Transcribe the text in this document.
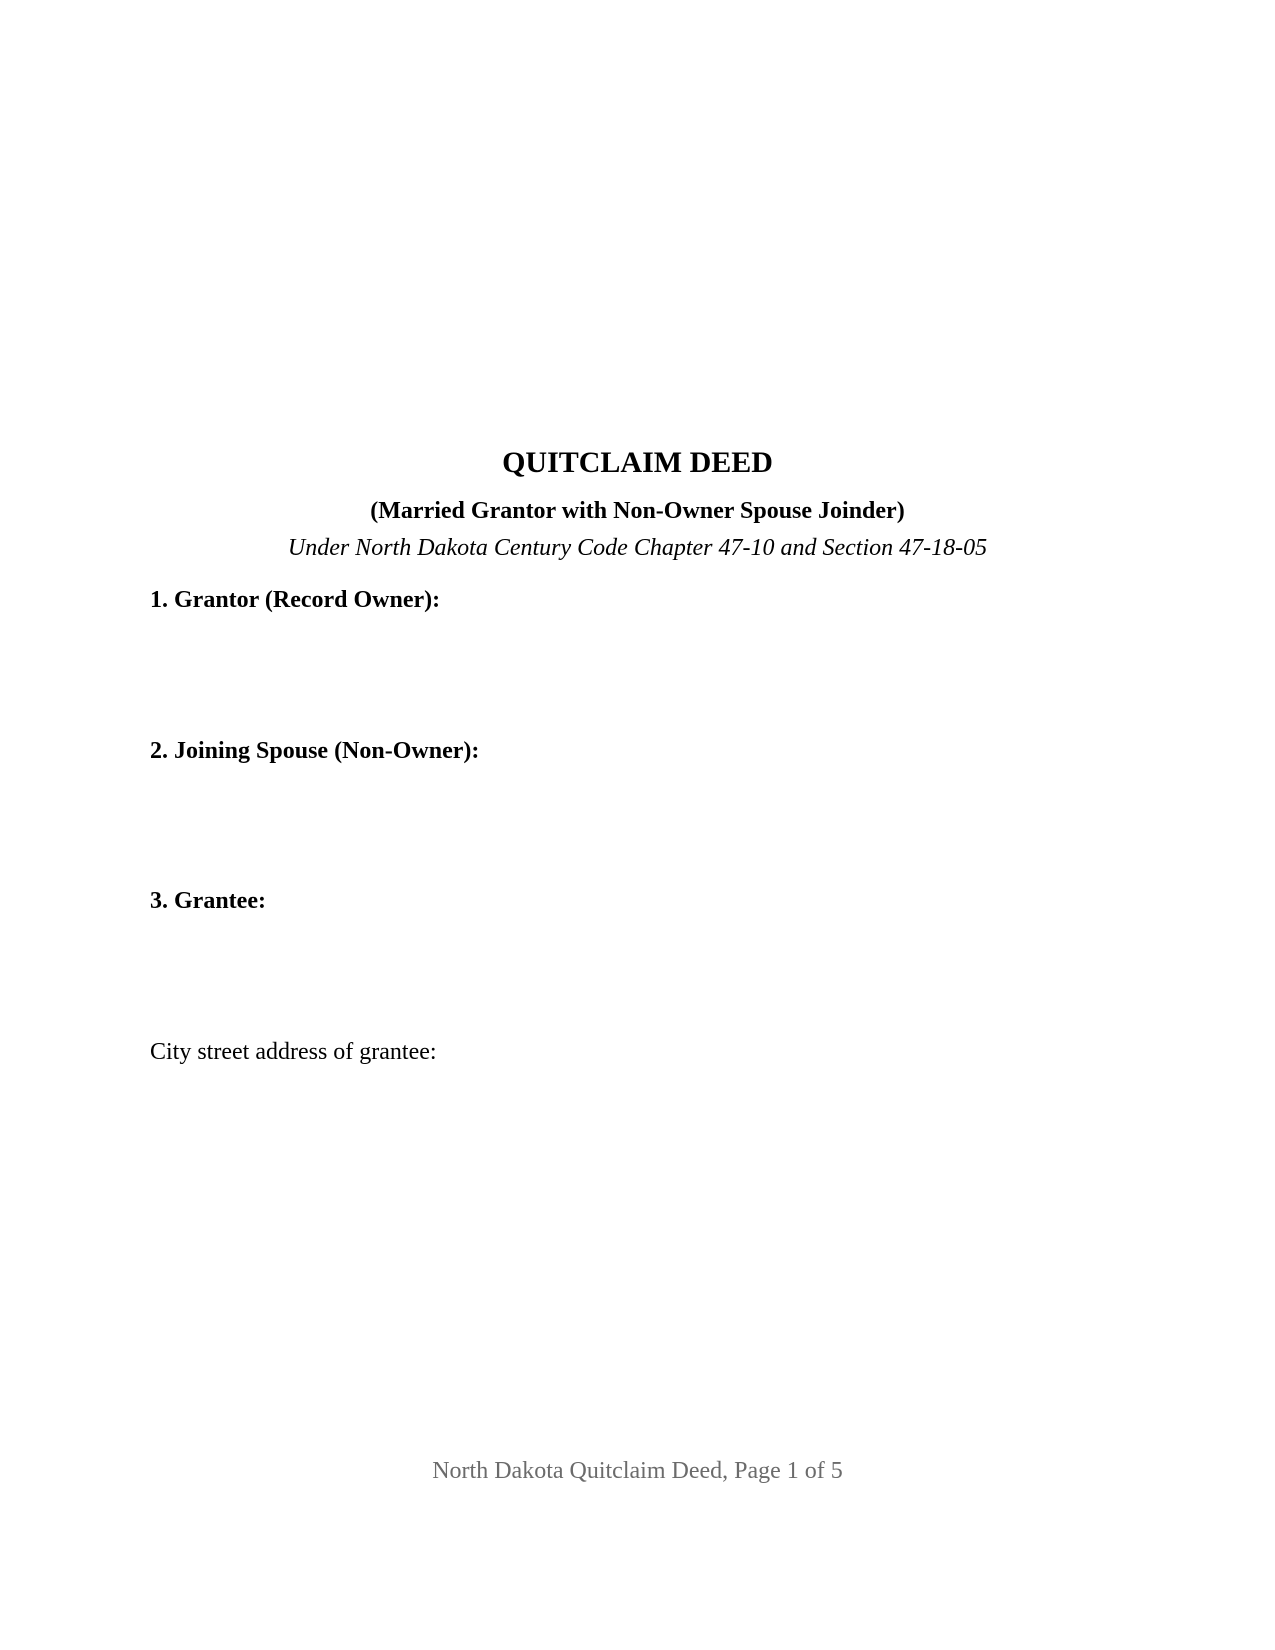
QUITCLAIM DEED
(Married Grantor with Non-Owner Spouse Joinder)
Under North Dakota Century Code Chapter 47-10 and Section 47-18-05
1. Grantor (Record Owner):
2. Joining Spouse (Non-Owner):
3. Grantee:
City street address of grantee:
North Dakota Quitclaim Deed, Page 1 of 5
